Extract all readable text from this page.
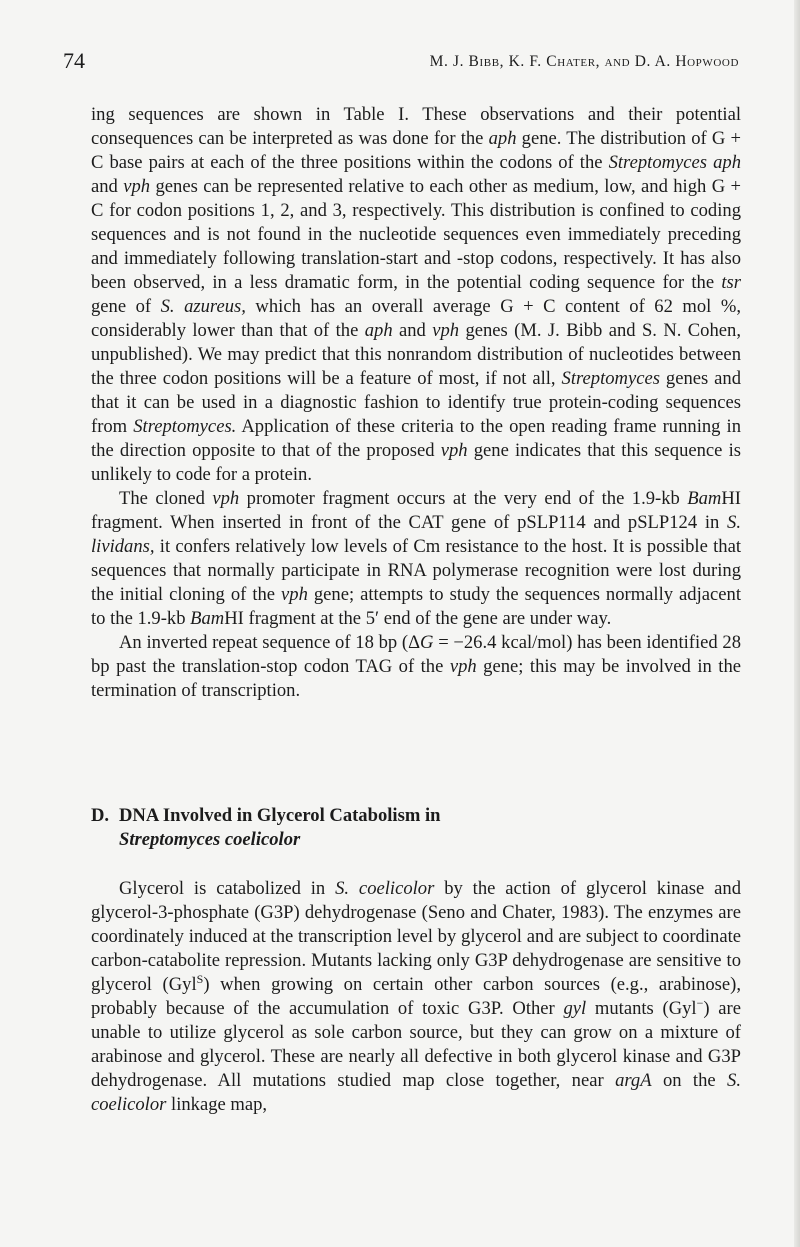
74	M. J. Bibb, K. F. Chater, and D. A. Hopwood

ing sequences are shown in Table I. These observations and their potential consequences can be interpreted as was done for the aph gene. The distribution of G + C base pairs at each of the three positions within the codons of the Streptomyces aph and vph genes can be represented relative to each other as medium, low, and high G + C for codon positions 1, 2, and 3, respectively. This distribution is confined to coding sequences and is not found in the nucleotide sequences even immediately preceding and immediately following translation-start and -stop codons, respectively. It has also been observed, in a less dramatic form, in the potential coding sequence for the tsr gene of S. azureus, which has an overall average G + C content of 62 mol %, considerably lower than that of the aph and vph genes (M. J. Bibb and S. N. Cohen, unpublished). We may predict that this nonrandom distribution of nucleotides between the three codon positions will be a feature of most, if not all, Streptomyces genes and that it can be used in a diagnostic fashion to identify true protein-coding sequences from Streptomyces. Application of these criteria to the open reading frame running in the direction opposite to that of the proposed vph gene indicates that this sequence is unlikely to code for a protein.

The cloned vph promoter fragment occurs at the very end of the 1.9-kb BamHI fragment. When inserted in front of the CAT gene of pSLP114 and pSLP124 in S. lividans, it confers relatively low levels of Cm resistance to the host. It is possible that sequences that normally participate in RNA polymerase recognition were lost during the initial cloning of the vph gene; attempts to study the sequences normally adjacent to the 1.9-kb BamHI fragment at the 5′ end of the gene are under way.

An inverted repeat sequence of 18 bp (ΔG = −26.4 kcal/mol) has been identified 28 bp past the translation-stop codon TAG of the vph gene; this may be involved in the termination of transcription.

D. DNA Involved in Glycerol Catabolism in
Streptomyces coelicolor

Glycerol is catabolized in S. coelicolor by the action of glycerol kinase and glycerol-3-phosphate (G3P) dehydrogenase (Seno and Chater, 1983). The enzymes are coordinately induced at the transcription level by glycerol and are subject to coordinate carbon-catabolite repression. Mutants lacking only G3P dehydrogenase are sensitive to glycerol (Gyl$^S$) when growing on certain other carbon sources (e.g., arabinose), probably because of the accumulation of toxic G3P. Other gyl mutants (Gyl−) are unable to utilize glycerol as sole carbon source, but they can grow on a mixture of arabinose and glycerol. These are nearly all defective in both glycerol kinase and G3P dehydrogenase. All mutations studied map close together, near argA on the S. coelicolor linkage map,
